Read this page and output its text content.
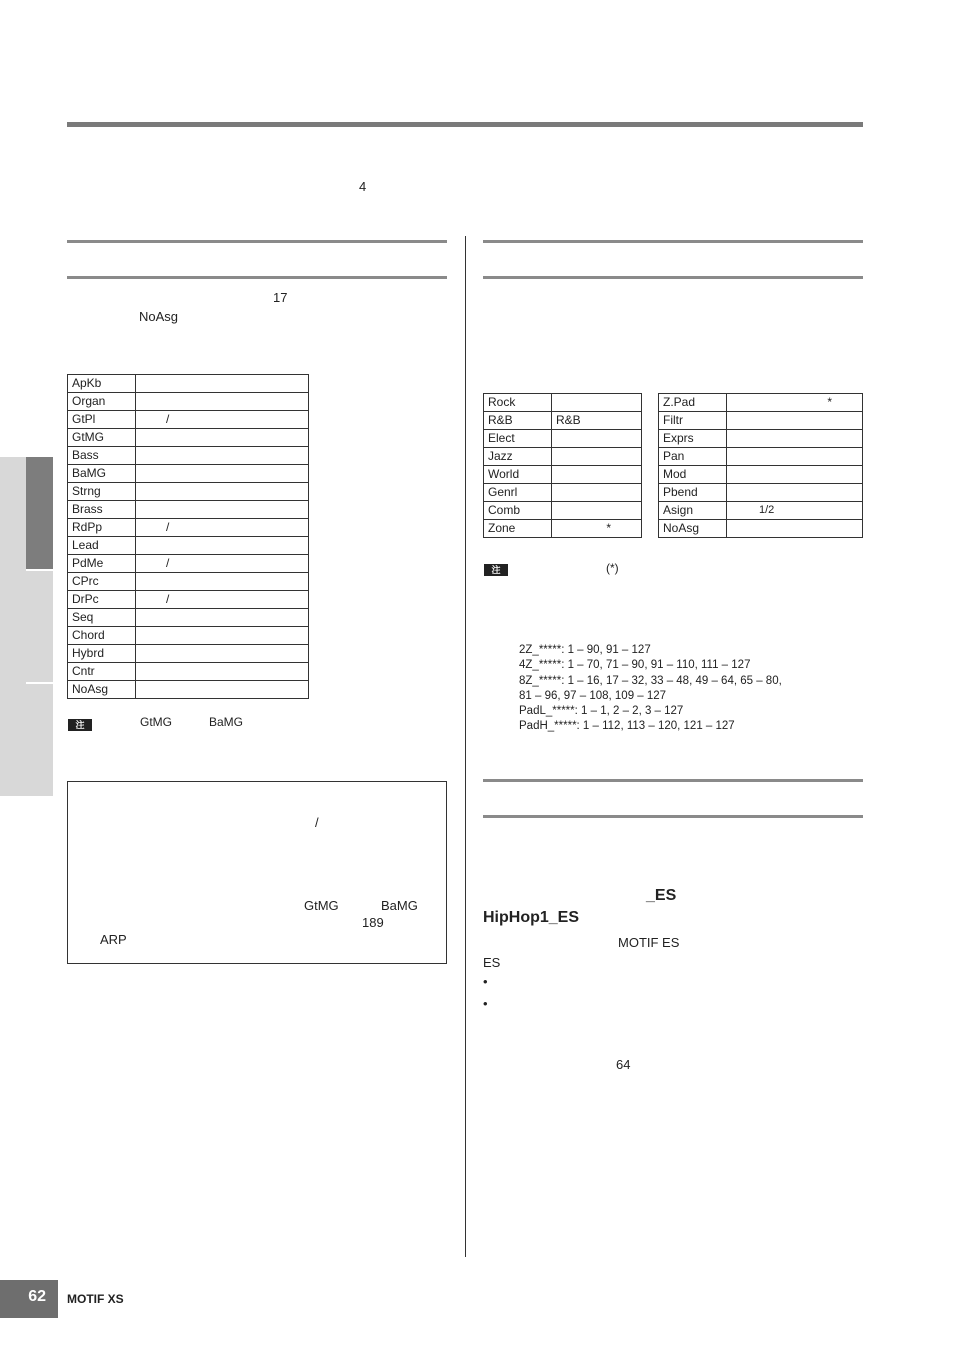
4
17
NoAsg
ApKb	
Organ	
GtPl	/
GtMG	
Bass	
BaMG	
Strng	
Brass	
RdPp	/
Lead	
PdMe	/
CPrc	
DrPc	/
Seq	
Chord	
Hybrd	
Cntr	
NoAsg	
注	GtMG	BaMG
/
GtMG	BaMG
189
ARP
Rock	
R&B	R&B
Elect	
Jazz	
World	
Genrl	
Comb	
Zone	*
Z.Pad	*
Filtr	
Exprs	
Pan	
Mod	
Pbend	
Asign	1/2
NoAsg	
注	(*)
2Z_*****: 1 – 90, 91 – 127
4Z_*****: 1 – 70, 71 – 90, 91 – 110, 111 – 127
8Z_*****: 1 – 16, 17 – 32, 33 – 48, 49 – 64, 65 – 80,
81 – 96, 97 – 108, 109 – 127
PadL_*****: 1 – 1, 2 – 2, 3 – 127
PadH_*****: 1 – 112, 113 – 120, 121 – 127
_ES
HipHop1_ES
MOTIF ES
ES
•
•
64
62 MOTIF XS
